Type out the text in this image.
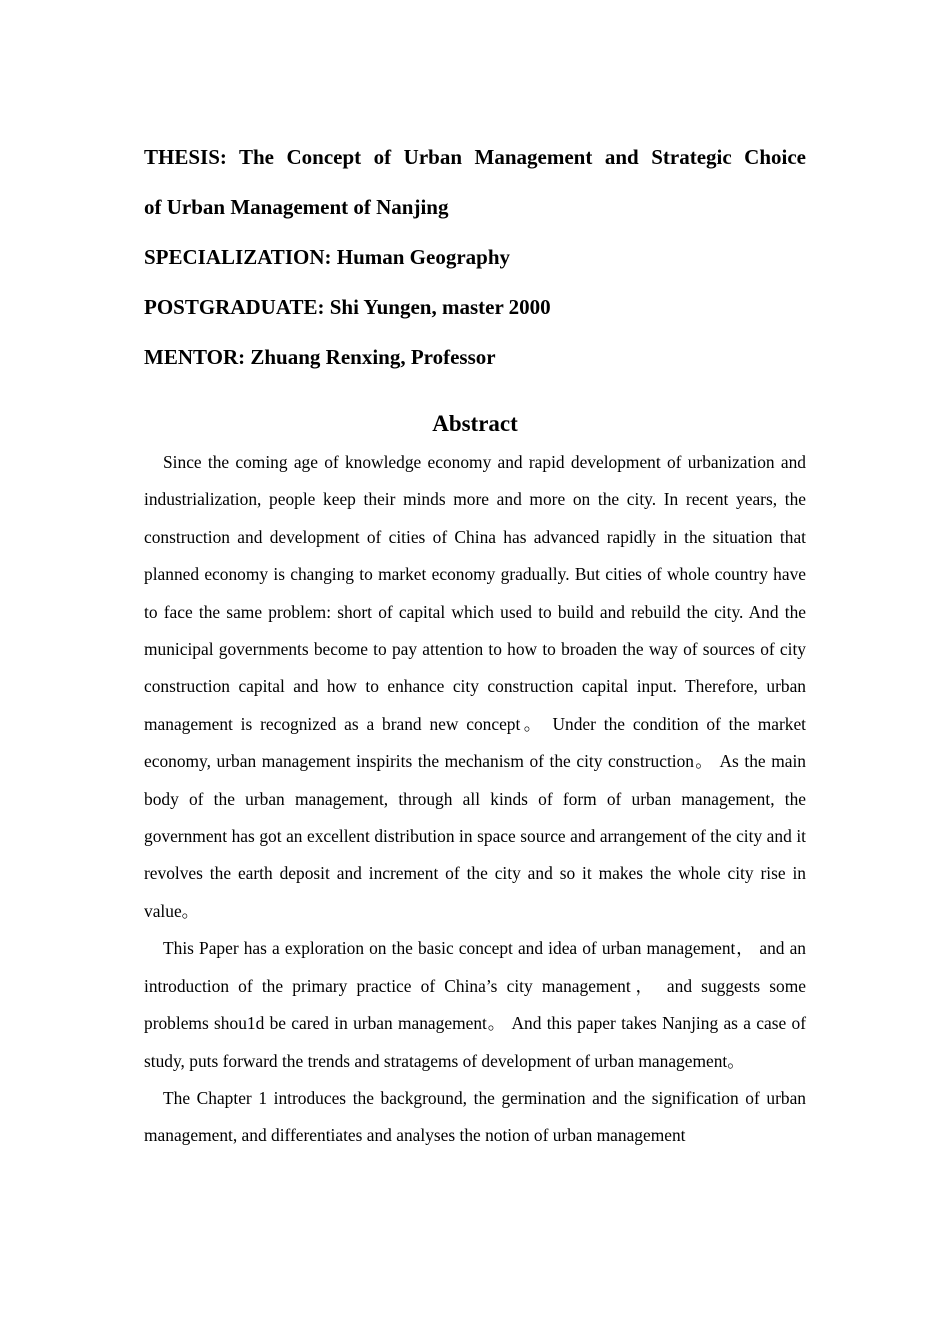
THESIS: The Concept of Urban Management and Strategic Choice
of Urban Management of Nanjing
SPECIALIZATION: Human Geography
POSTGRADUATE: Shi Yungen, master 2000
MENTOR: Zhuang Renxing, Professor
Abstract

Since the coming age of knowledge economy and rapid development of urbanization and industrialization, people keep their minds more and more on the city. In recent years, the construction and development of cities of China has advanced rapidly in the situation that planned economy is changing to market economy gradually. But cities of whole country have to face the same problem: short of capital which used to build and rebuild the city. And the municipal governments become to pay attention to how to broaden the way of sources of city construction capital and how to enhance city construction capital input. Therefore, urban management is recognized as a brand new concept。 Under the condition of the market economy, urban management inspirits the mechanism of the city construction。 As the main body of the urban management, through all kinds of form of urban management, the government has got an excellent distribution in space source and arrangement of the city and it revolves the earth deposit and increment of the city and so it makes the whole city rise in value。

This Paper has a exploration on the basic concept and idea of urban management， and an introduction of the primary practice of China’s city management， and suggests some problems shou1d be cared in urban management。 And this paper takes Nanjing as a case of study, puts forward the trends and stratagems of development of urban management。

The Chapter 1 introduces the background, the germination and the signification of urban management, and differentiates and analyses the notion of urban management
